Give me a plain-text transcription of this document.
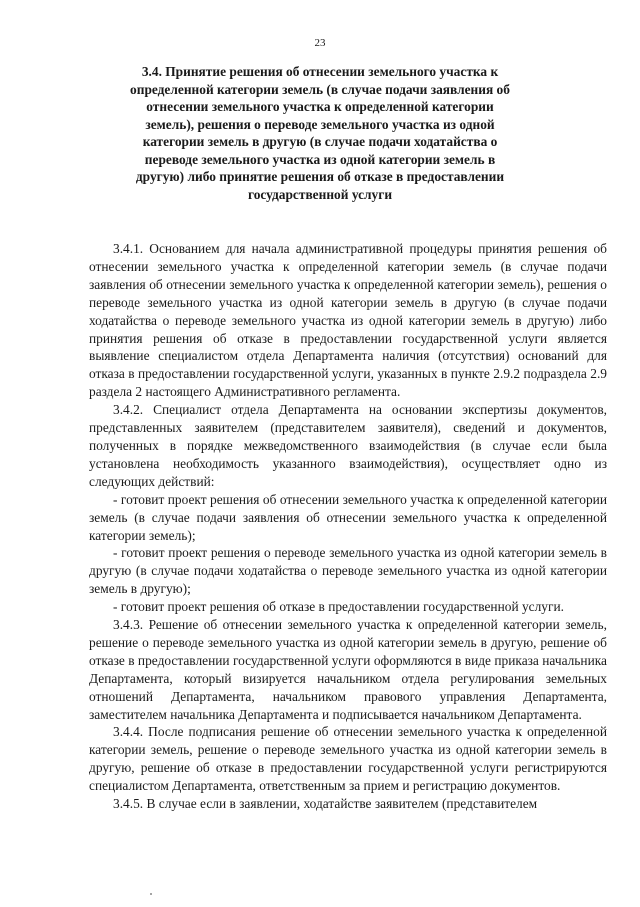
23
3.4. Принятие решения об отнесении земельного участка к определенной категории земель (в случае подачи заявления об отнесении земельного участка к определенной категории земель), решения о переводе земельного участка из одной категории земель в другую (в случае подачи ходатайства о переводе земельного участка из одной категории земель в другую) либо принятие решения об отказе в предоставлении государственной услуги

3.4.1. Основанием для начала административной процедуры принятия решения об отнесении земельного участка к определенной категории земель (в случае подачи заявления об отнесении земельного участка к определенной категории земель), решения о переводе земельного участка из одной категории земель в другую (в случае подачи ходатайства о переводе земельного участка из одной категории земель в другую) либо принятия решения об отказе в предоставлении государственной услуги является выявление специалистом отдела Департамента наличия (отсутствия) оснований для отказа в предоставлении государственной услуги, указанных в пункте 2.9.2 подраздела 2.9 раздела 2 настоящего Административного регламента.

3.4.2. Специалист отдела Департамента на основании экспертизы документов, представленных заявителем (представителем заявителя), сведений и документов, полученных в порядке межведомственного взаимодействия (в случае если была установлена необходимость указанного взаимодействия), осуществляет одно из следующих действий:

- готовит проект решения об отнесении земельного участка к определенной категории земель (в случае подачи заявления об отнесении земельного участка к определенной категории земель);

- готовит проект решения о переводе земельного участка из одной категории земель в другую (в случае подачи ходатайства о переводе земельного участка из одной категории земель в другую);

- готовит проект решения об отказе в предоставлении государственной услуги.

3.4.3. Решение об отнесении земельного участка к определенной категории земель, решение о переводе земельного участка из одной категории земель в другую, решение об отказе в предоставлении государственной услуги оформляются в виде приказа начальника Департамента, который визируется начальником отдела регулирования земельных отношений Департамента, начальником правового управления Департамента, заместителем начальника Департамента и подписывается начальником Департамента.

3.4.4. После подписания решение об отнесении земельного участка к определенной категории земель, решение о переводе земельного участка из одной категории земель в другую, решение об отказе в предоставлении государственной услуги регистрируются специалистом Департамента, ответственным за прием и регистрацию документов.

3.4.5. В случае если в заявлении, ходатайстве заявителем (представителем
